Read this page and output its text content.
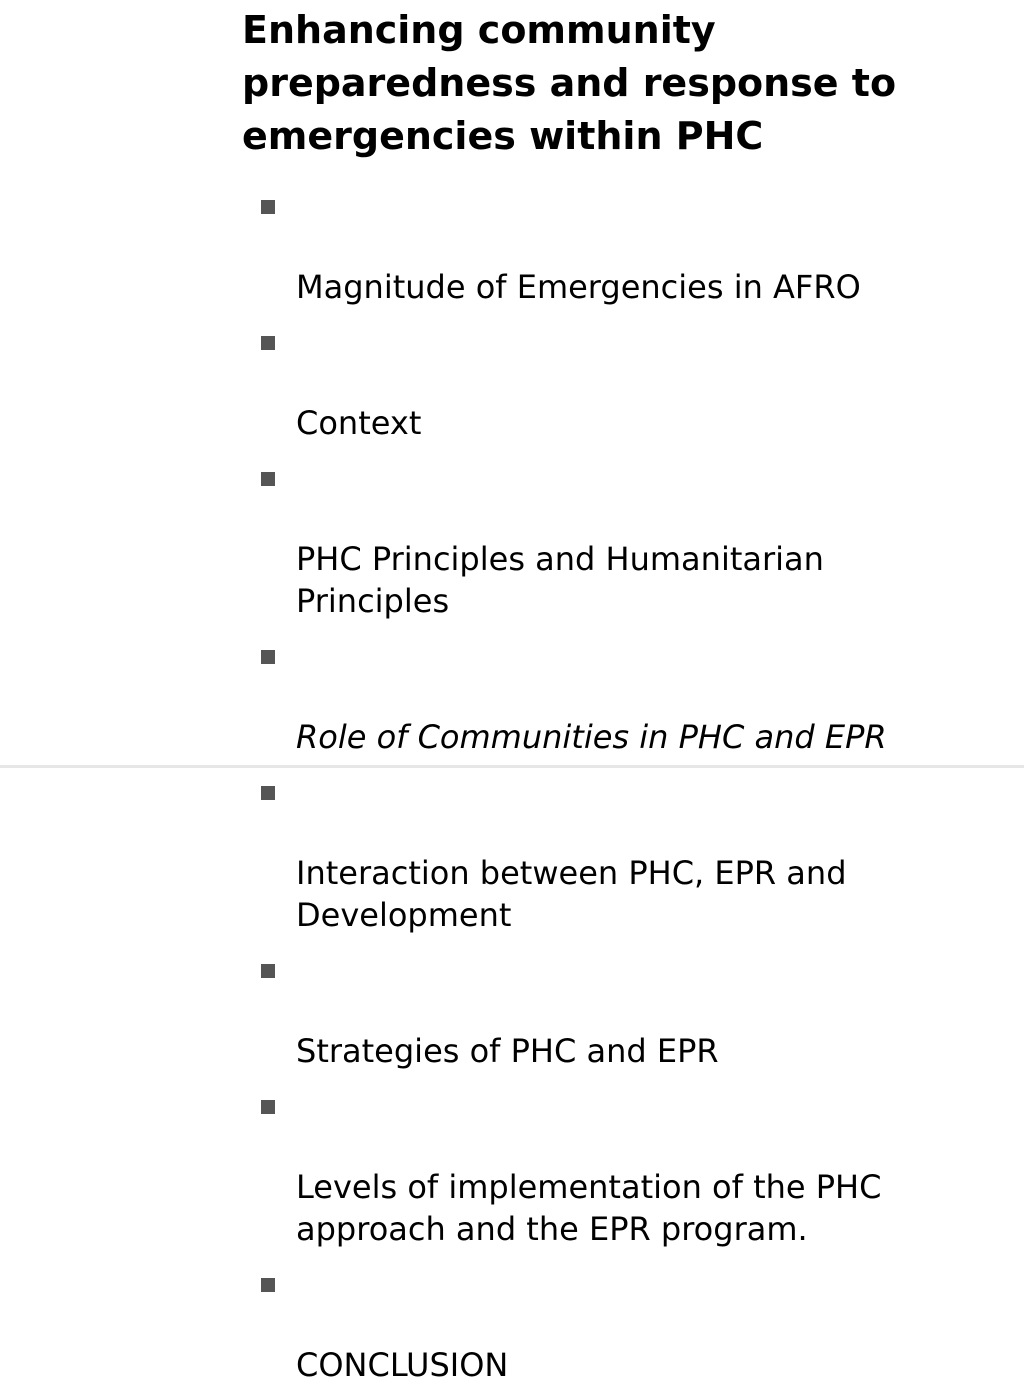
Enhancing community
preparedness and response to
emergencies within PHC

Magnitude of Emergencies in AFRO

Context

PHC Principles and Humanitarian
Principles

Role of Communities in PHC and EPR

Interaction between PHC, EPR and
Development

Strategies of PHC and EPR

Levels of implementation of the PHC
approach and the EPR program.

CONCLUSION
